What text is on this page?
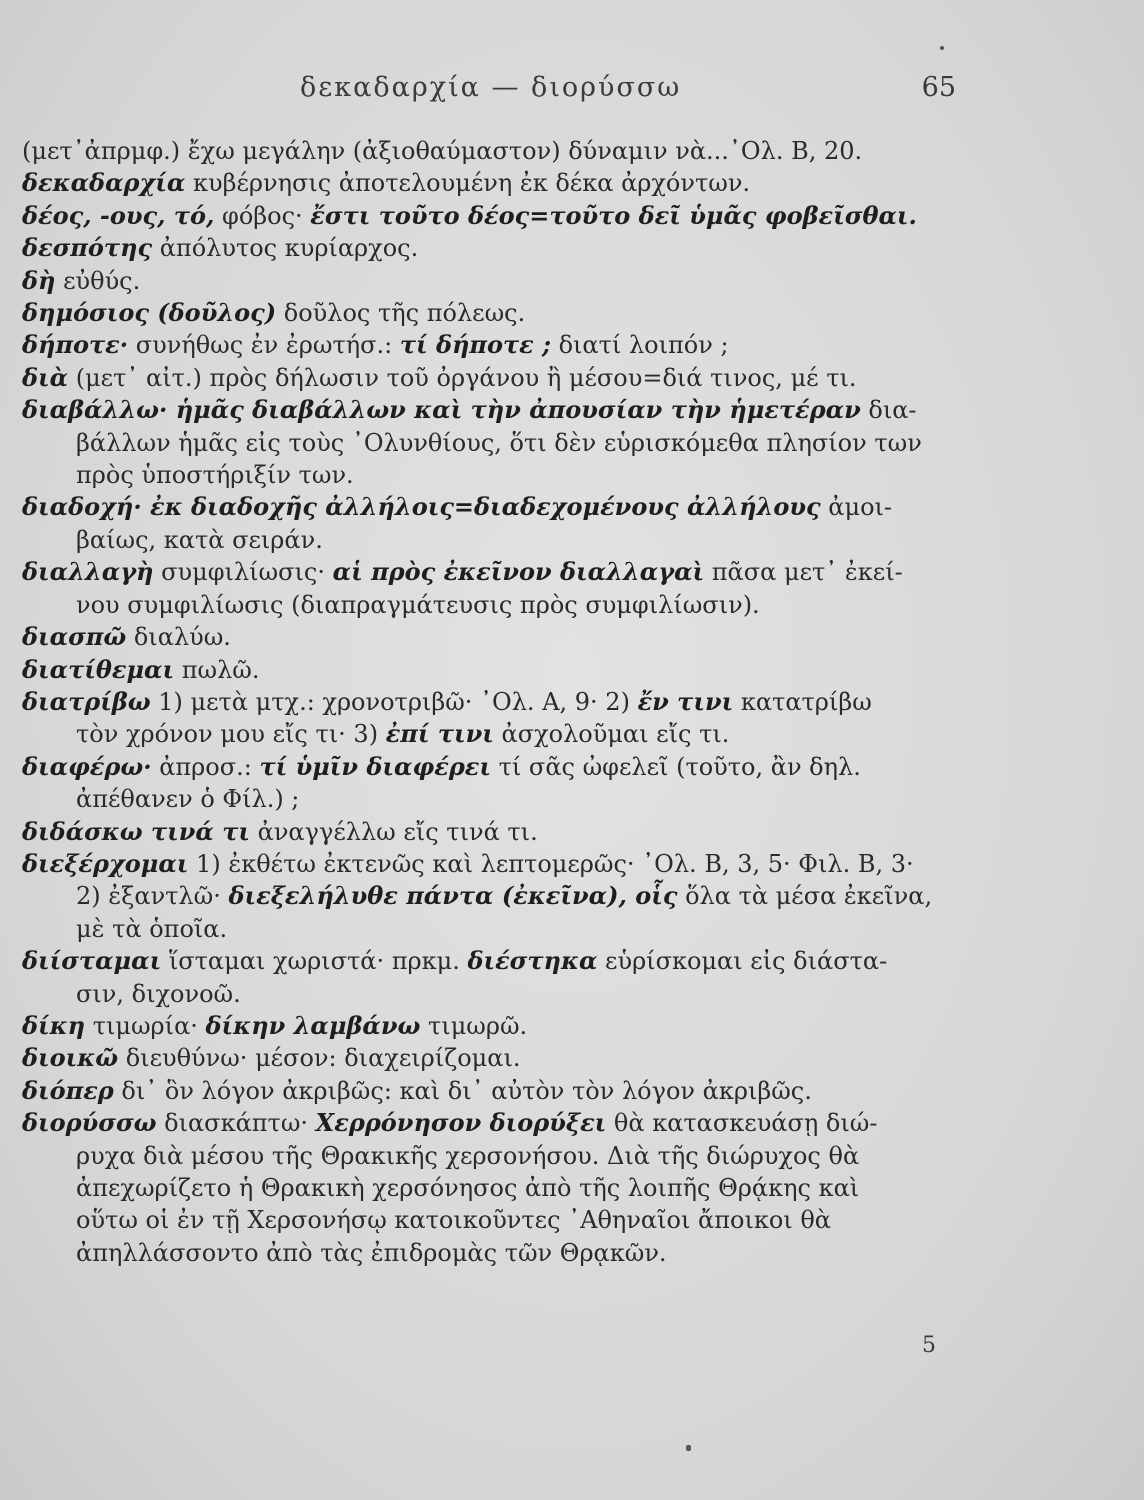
δεκαδαρχία — διορύσσω	65
(μετ᾽ἀπρμφ.) ἔχω μεγάλην (ἀξιοθαύμαστον) δύναμιν νὰ...᾽Ολ. Β, 20.
δεκαδαρχία κυβέρνησις ἀποτελουμένη ἐκ δέκα ἀρχόντων.
δέος, -ους, τό, φόβος· ἔστι τοῦτο δέος=τοῦτο δεῖ ὑμᾶς φοβεῖσθαι.
δεσπότης ἀπόλυτος κυρίαρχος.
δὴ εὐθύς.
δημόσιος (δοῦλος) δοῦλος τῆς πόλεως.
δήποτε· συνήθως ἐν ἐρωτήσ.: τί δήποτε ; διατί λοιπόν ;
διὰ (μετ᾽ αἰτ.) πρὸς δήλωσιν τοῦ ὀργάνου ἢ μέσου=διά τινος, μέ τι.
διαβάλλω· ἡμᾶς διαβάλλων καὶ τὴν ἀπουσίαν τὴν ἡμετέραν δια-
βάλλων ἡμᾶς εἰς τοὺς ᾽Ολυνθίους, ὅτι δὲν εὑρισκόμεθα πλησίον των
πρὸς ὑποστήριξίν των.
διαδοχή· ἐκ διαδοχῆς ἀλλήλοις=διαδεχομένους ἀλλήλους ἀμοι-
βαίως, κατὰ σειράν.
διαλλαγὴ συμφιλίωσις· αἱ πρὸς ἐκεῖνον διαλλαγαὶ πᾶσα μετ᾽ ἐκεί-
νου συμφιλίωσις (διαπραγμάτευσις πρὸς συμφιλίωσιν).
διασπῶ διαλύω.
διατίθεμαι πωλῶ.
διατρίβω 1) μετὰ μτχ.: χρονοτριβῶ· ᾽Ολ. Α, 9· 2) ἔν τινι κατατρίβω
τὸν χρόνον μου εἴς τι· 3) ἐπί τινι ἀσχολοῦμαι εἴς τι.
διαφέρω· ἀπροσ.: τί ὑμῖν διαφέρει τί σᾶς ὠφελεῖ (τοῦτο, ἂν δηλ.
ἀπέθανεν ὁ Φίλ.) ;
διδάσκω τινά τι ἀναγγέλλω εἴς τινά τι.
διεξέρχομαι 1) ἐκθέτω ἐκτενῶς καὶ λεπτομερῶς· ᾽Ολ. Β, 3, 5· Φιλ. Β, 3·
2) ἐξαντλῶ· διεξελήλυθε πάντα (ἐκεῖνα), οἷς ὅλα τὰ μέσα ἐκεῖνα,
μὲ τὰ ὁποῖα.
διίσταμαι ἵσταμαι χωριστά· πρκμ. διέστηκα εὑρίσκομαι εἰς διάστα-
σιν, διχονοῶ.
δίκη τιμωρία· δίκην λαμβάνω τιμωρῶ.
διοικῶ διευθύνω· μέσον: διαχειρίζομαι.
διόπερ δι᾽ ὃν λόγον ἀκριβῶς: καὶ δι᾽ αὐτὸν τὸν λόγον ἀκριβῶς.
διορύσσω διασκάπτω· Χερρόνησον διορύξει θὰ κατασκευάσῃ διώ-
ρυχα διὰ μέσου τῆς Θρακικῆς χερσονήσου. Διὰ τῆς διώρυχος θὰ
ἀπεχωρίζετο ἡ Θρακικὴ χερσόνησος ἀπὸ τῆς λοιπῆς Θρᾴκης καὶ
οὕτω οἱ ἐν τῇ Χερσονήσῳ κατοικοῦντες ᾽Αθηναῖοι ἄποικοι θὰ
ἀπηλλάσσοντο ἀπὸ τὰς ἐπιδρομὰς τῶν Θρᾳκῶν.
5
